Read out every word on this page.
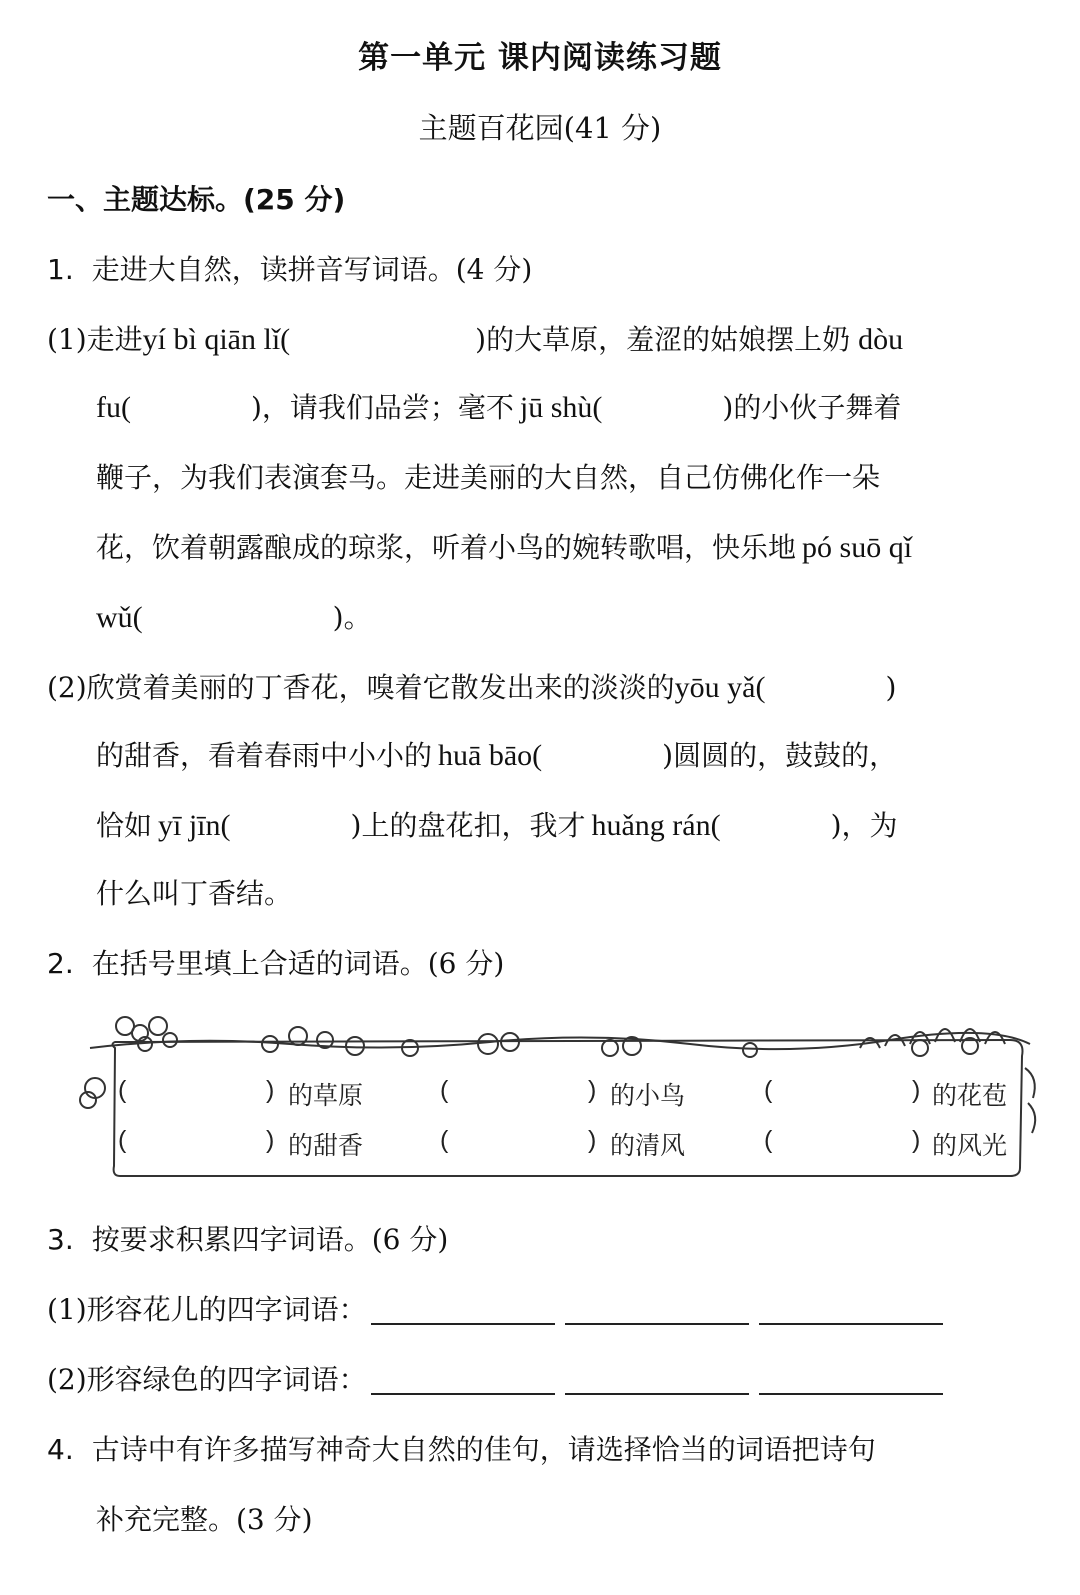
第一单元 课内阅读练习题
主题百花园(41 分)
一、主题达标。(25 分)
1. 走进大自然，读拼音写词语。(4 分)
(1)走进yí bì qiān lǐ(	)的大草原，羞涩的姑娘摆上奶 dòu
fu(	)，请我们品尝；毫不 jū shù(	)的小伙子舞着
鞭子，为我们表演套马。走进美丽的大自然，自己仿佛化作一朵
花，饮着朝露酿成的琼浆，听着小鸟的婉转歌唱，快乐地 pó suō qǐ
wǔ(	)。
(2)欣赏着美丽的丁香花，嗅着它散发出来的淡淡的yōu yǎ(	)
的甜香，看着春雨中小小的 huā bāo(	)圆圆的，鼓鼓的，
恰如 yī jīn(	)上的盘花扣，我才 huǎng rán(	)，为
什么叫丁香结。
2. 在括号里填上合适的词语。(6 分)
(	) 的草原	(	) 的小鸟	(	) 的花苞
(	) 的甜香	(	) 的清风	(	) 的风光
3. 按要求积累四字词语。(6 分)
(1)形容花儿的四字词语：
(2)形容绿色的四字词语：
4. 古诗中有许多描写神奇大自然的佳句，请选择恰当的词语把诗句
补充完整。(3 分)
